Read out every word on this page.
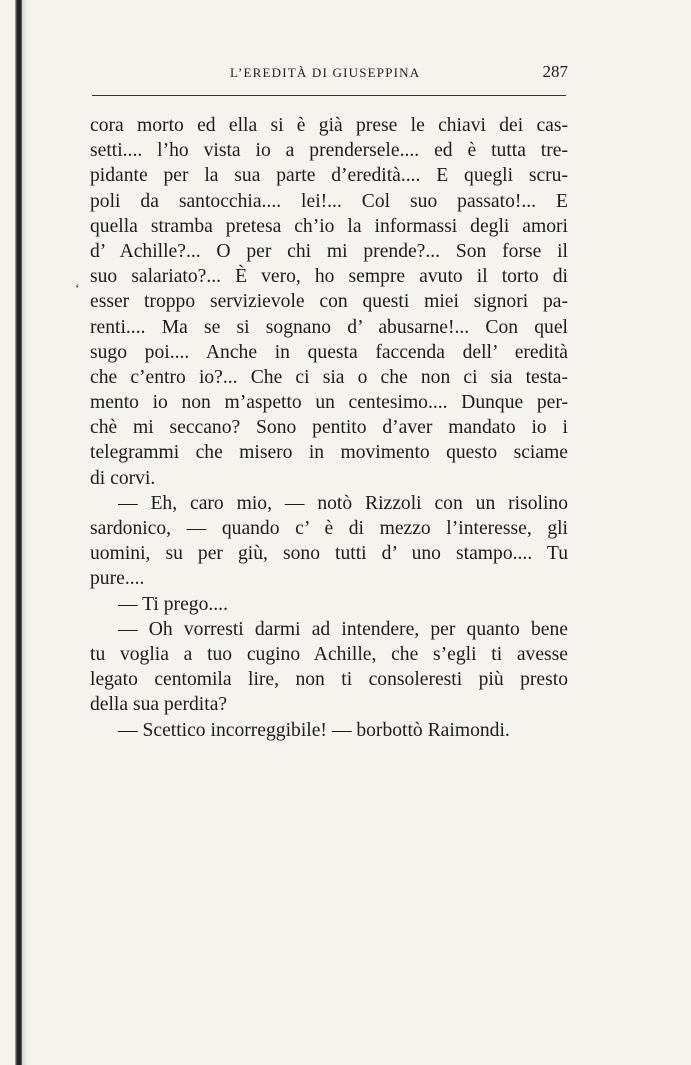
L’EREDITÀ DI GIUSEPPINA	287
ʻ
cora morto ed ella si è già prese le chiavi dei cas-
setti.... l’ho vista io a prendersele.... ed è tutta tre-
pidante per la sua parte d’eredità.... E quegli scru-
poli da santocchia.... lei!... Col suo passato!... E
quella stramba pretesa ch’io la informassi degli amori
d’ Achille?... O per chi mi prende?... Son forse il
suo salariato?... È vero, ho sempre avuto il torto di
esser troppo servizievole con questi miei signori pa-
renti.... Ma se si sognano d’ abusarne!... Con quel
sugo poi.... Anche in questa faccenda dell’ eredità
che c’entro io?... Che ci sia o che non ci sia testa-
mento io non m’aspetto un centesimo.... Dunque per-
chè mi seccano? Sono pentito d’aver mandato io i
telegrammi che misero in movimento questo sciame
di corvi.
— Eh, caro mio, — notò Rizzoli con un risolino
sardonico, — quando c’ è di mezzo l’interesse, gli
uomini, su per giù, sono tutti d’ uno stampo.... Tu
pure....
— Ti prego....
— Oh vorresti darmi ad intendere, per quanto bene
tu voglia a tuo cugino Achille, che s’egli ti avesse
legato centomila lire, non ti consoleresti più presto
della sua perdita?
— Scettico incorreggibile! — borbottò Raimondi.
